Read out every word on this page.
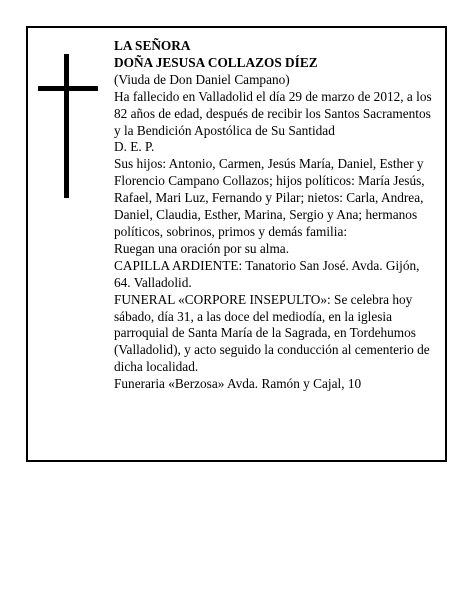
LA SEÑORA

DOÑA JESUSA COLLAZOS DÍEZ

(Viuda de Don Daniel Campano)

Ha fallecido en Valladolid el día 29 de marzo de 2012, a los 82 años de edad, después de recibir los Santos Sacramentos y la Bendición Apostólica de Su Santidad

D. E. P.

Sus hijos: Antonio, Carmen, Jesús María, Daniel, Esther y Florencio Campano Collazos; hijos políticos: María Jesús, Rafael, Mari Luz, Fernando y Pilar; nietos: Carla, Andrea, Daniel, Claudia, Esther, Marina, Sergio y Ana; hermanos políticos, sobrinos, primos y demás familia:

Ruegan una oración por su alma.

CAPILLA ARDIENTE: Tanatorio San José. Avda. Gijón, 64. Valladolid.

FUNERAL «CORPORE INSEPULTO»: Se celebra hoy sábado, día 31, a las doce del mediodía, en la iglesia parroquial de Santa María de la Sagrada, en Tordehumos (Valladolid), y acto seguido la conducción al cementerio de dicha localidad.

Funeraria «Berzosa» Avda. Ramón y Cajal, 10
